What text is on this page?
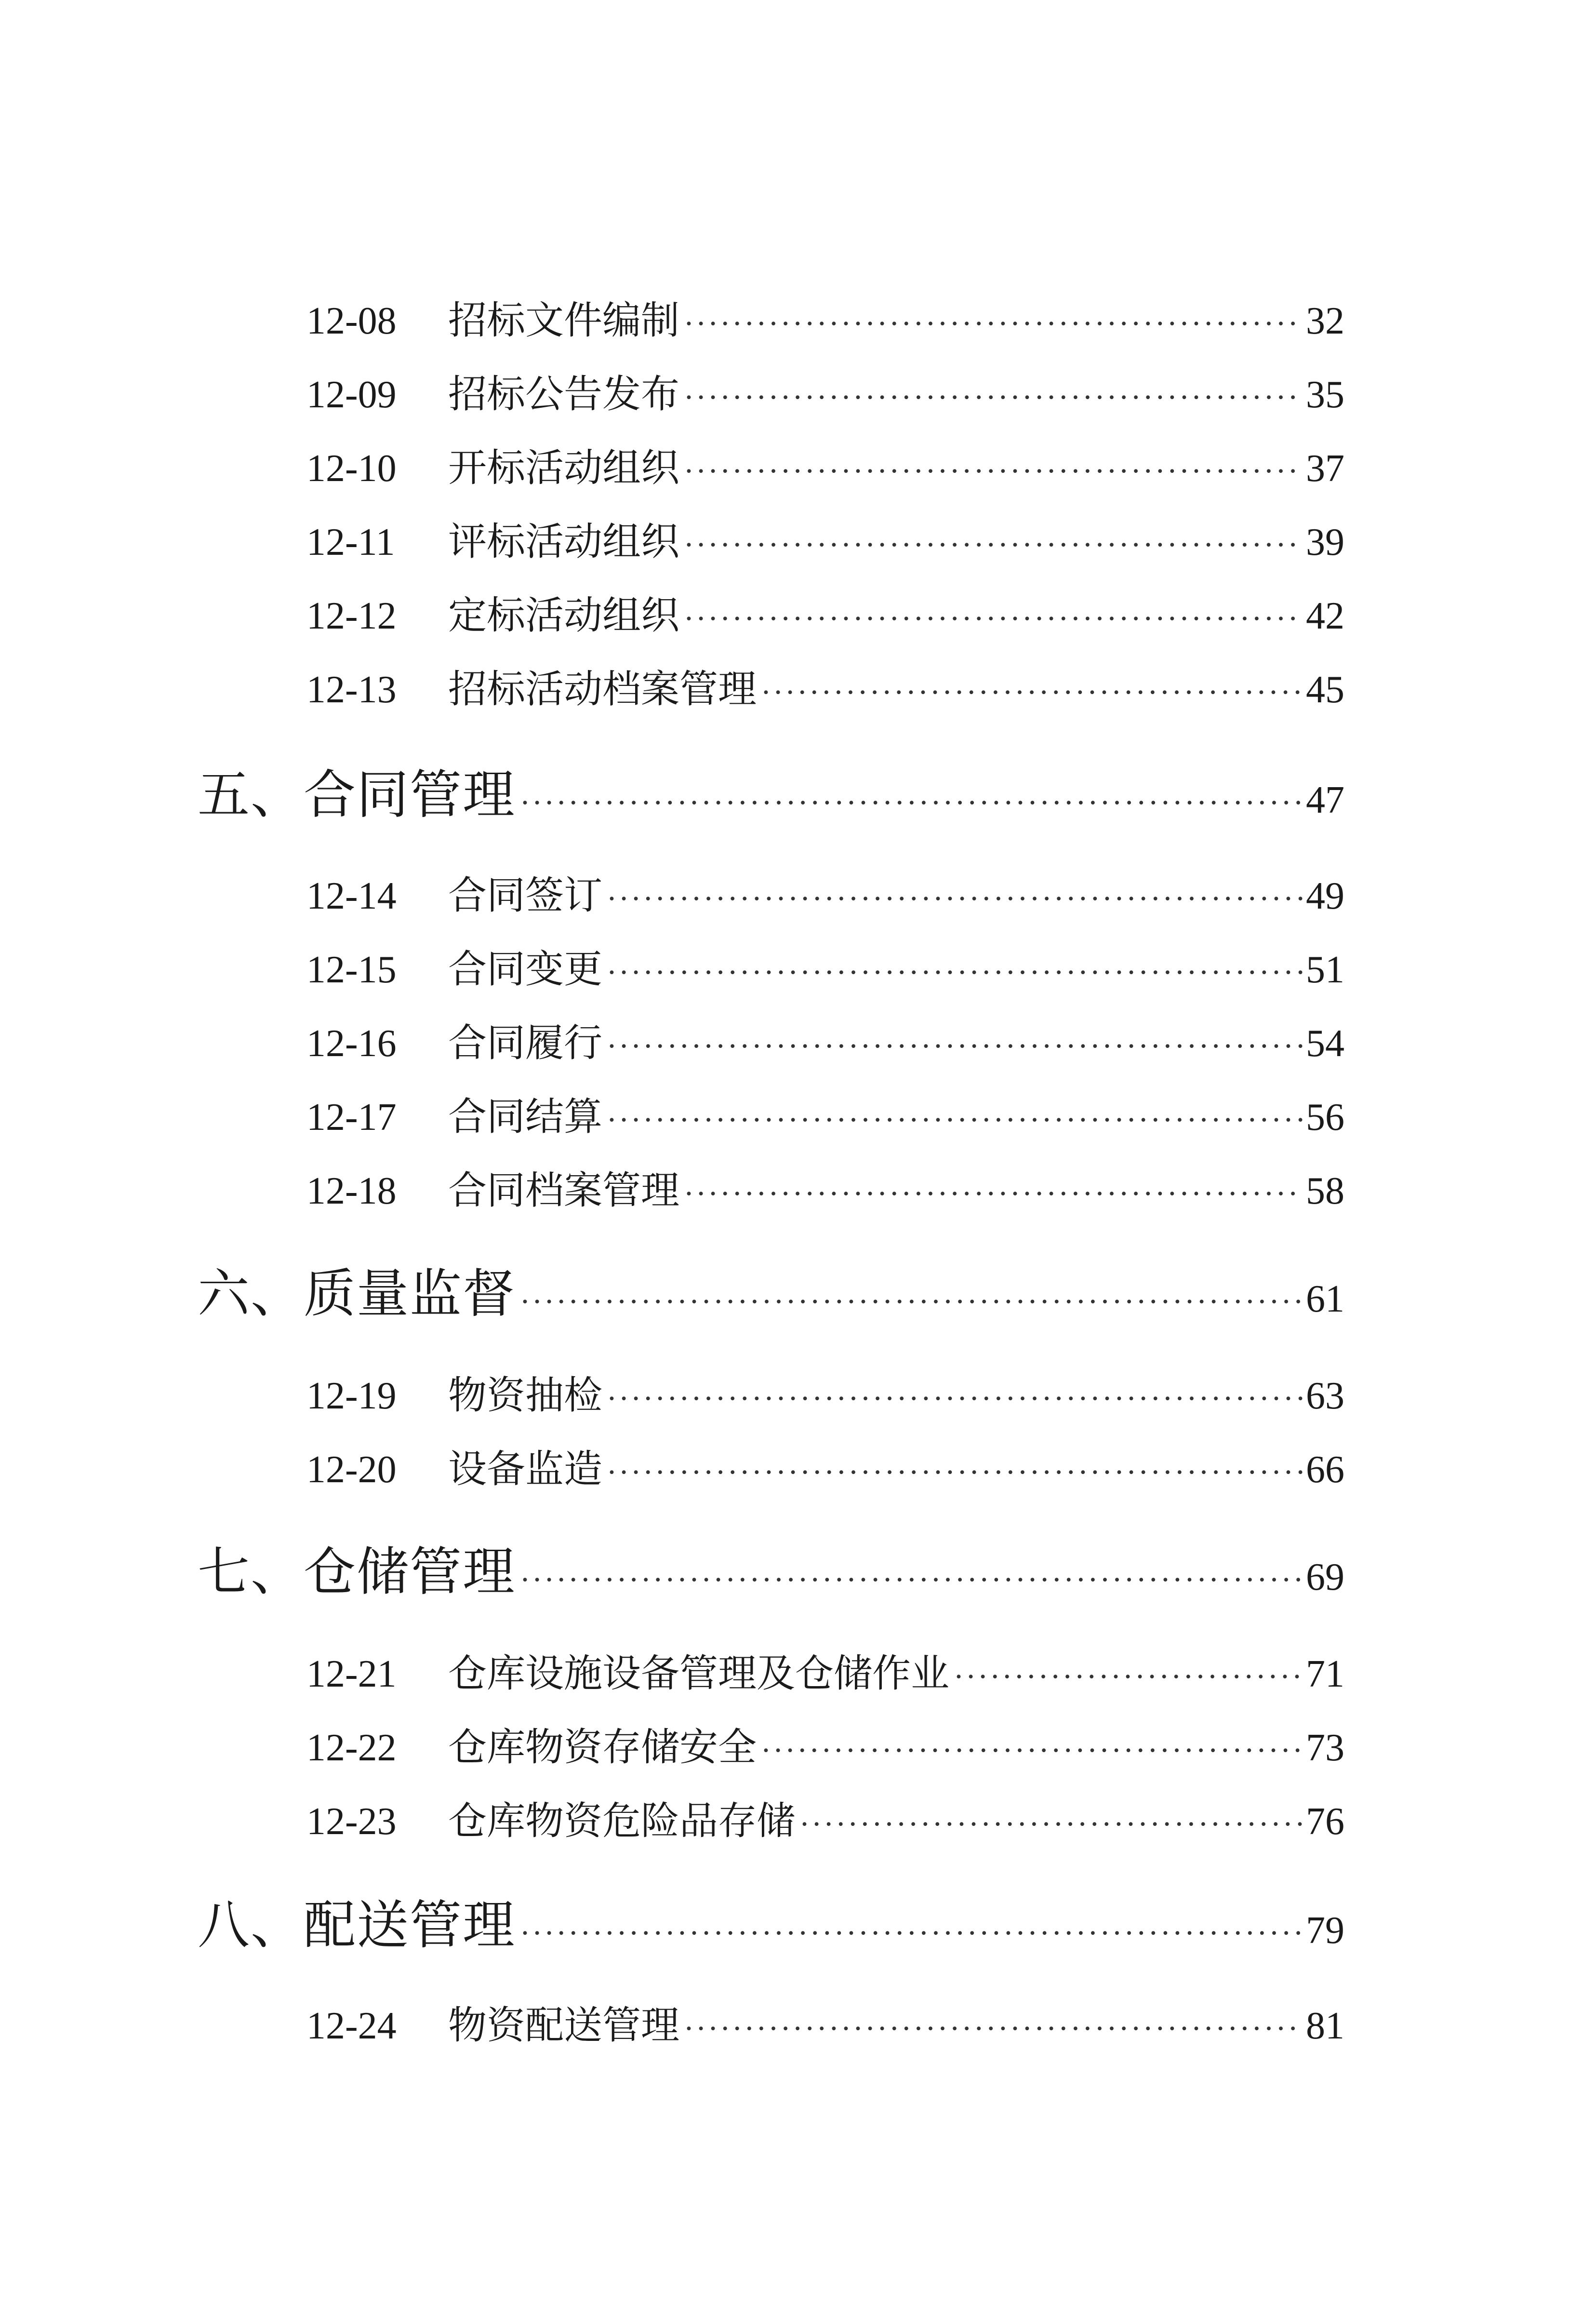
12-08	招标文件编制 ·····	32
12-09	招标公告发布 ·····	35
12-10	开标活动组织 ·····	37
12-11	评标活动组织 ·····	39
12-12	定标活动组织 ·····	42
12-13	招标活动档案管理 ·····	45
五、合同管理 ·····	47
12-14	合同签订 ·····	49
12-15	合同变更 ·····	51
12-16	合同履行 ·····	54
12-17	合同结算 ·····	56
12-18	合同档案管理 ·····	58
六、质量监督 ·····	61
12-19	物资抽检 ·····	63
12-20	设备监造 ·····	66
七、仓储管理 ·····	69
12-21	仓库设施设备管理及仓储作业 ·····	71
12-22	仓库物资存储安全 ·····	73
12-23	仓库物资危险品存储 ·····	76
八、配送管理 ·····	79
12-24	物资配送管理 ·····	81
